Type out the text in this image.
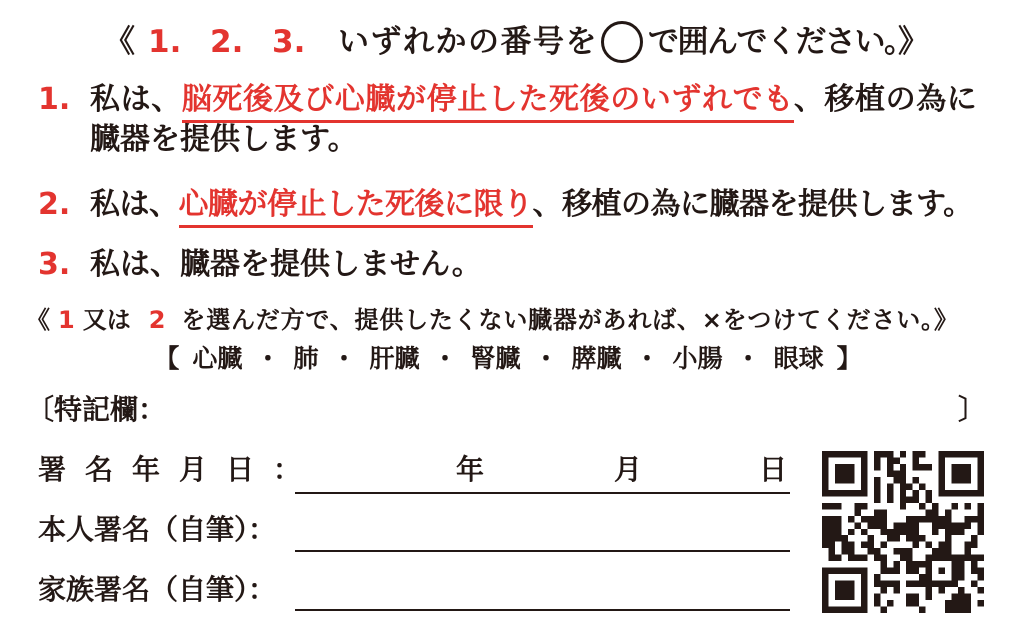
《 1. 2. 3.	いずれかの番号を で囲んでください。》
1. 私は、脳死後及び心臓が停止した死後のいずれでも、移植の為に
臓器を提供します。
2. 私は、心臓が停止した死後に限り、移植の為に臓器を提供します。
3. 私は、臓器を提供しません。
《 1 又は 2 を選んだ方で、提供したくない臓器があれば、×をつけてください。》
【 心臓 ・ 肺 ・ 肝臓 ・ 腎臓 ・ 膵臓 ・ 小腸 ・ 眼球 】
〔特記欄：	〕
署名年月日：	年	月	日
本人署名（自筆）：
家族署名（自筆）：
